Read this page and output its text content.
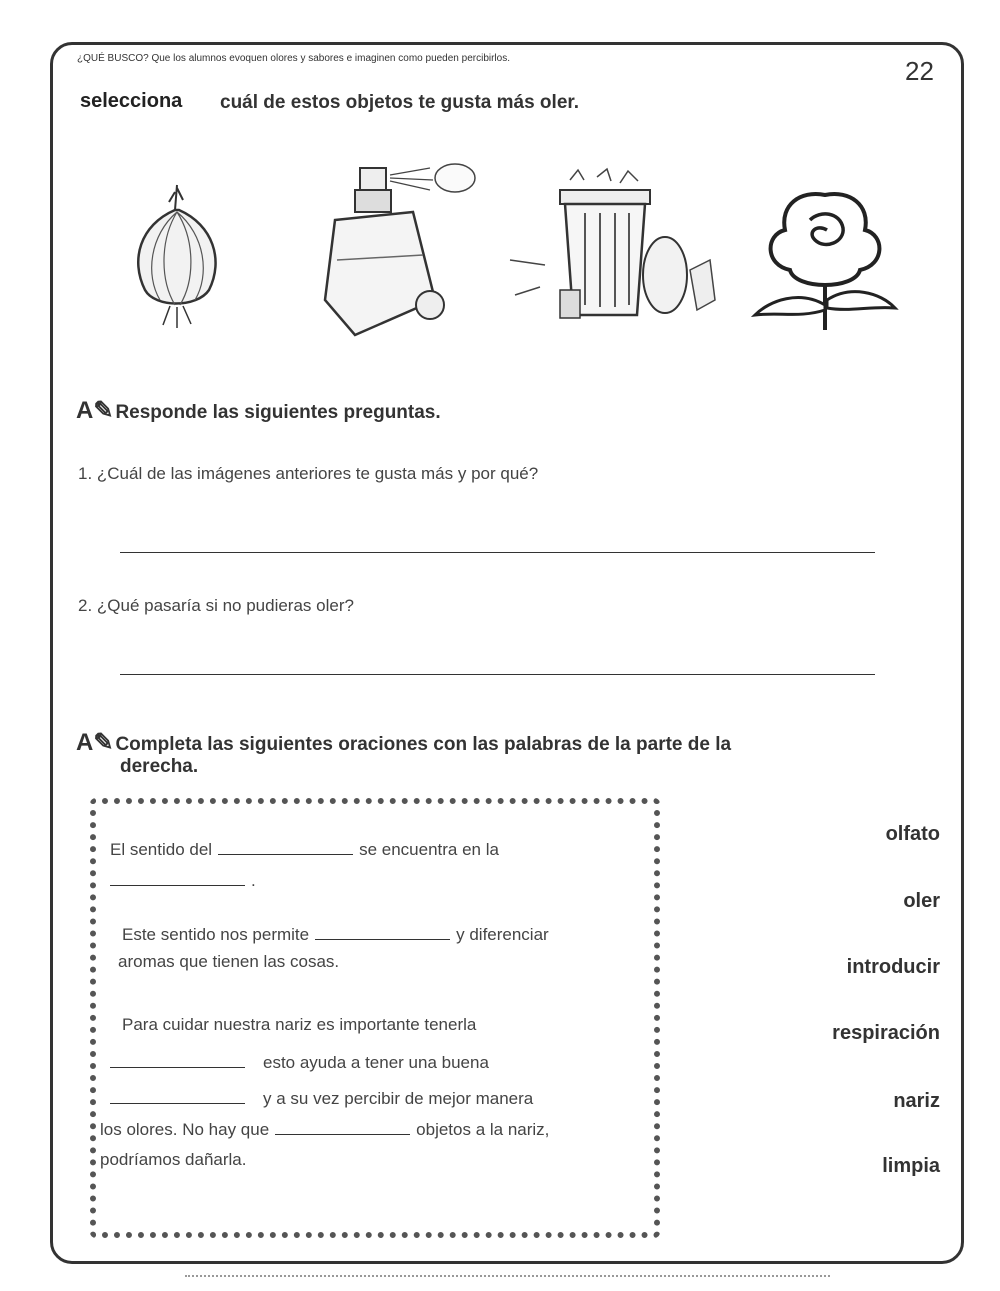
¿QUÉ BUSCO? Que los alumnos evoquen olores y sabores e imaginen como pueden percibirlos.	22
selecciona cuál de estos objetos te gusta más oler.
A✎ Responde las siguientes preguntas.
1. ¿Cuál de las imágenes anteriores te gusta más y por qué?
2. ¿Qué pasaría si no pudieras oler?
A✎ Completa las siguientes oraciones con las palabras de la parte de la
derecha.
El sentido del	se encuentra en la
.
Este sentido nos permite	y diferenciar
aromas que tienen las cosas.
Para cuidar nuestra nariz es importante tenerla
esto ayuda a tener una buena
y a su vez percibir de mejor manera
los olores. No hay que	objetos a la nariz,
podríamos dañarla.
olfato
oler
introducir
respiración
nariz
limpia
